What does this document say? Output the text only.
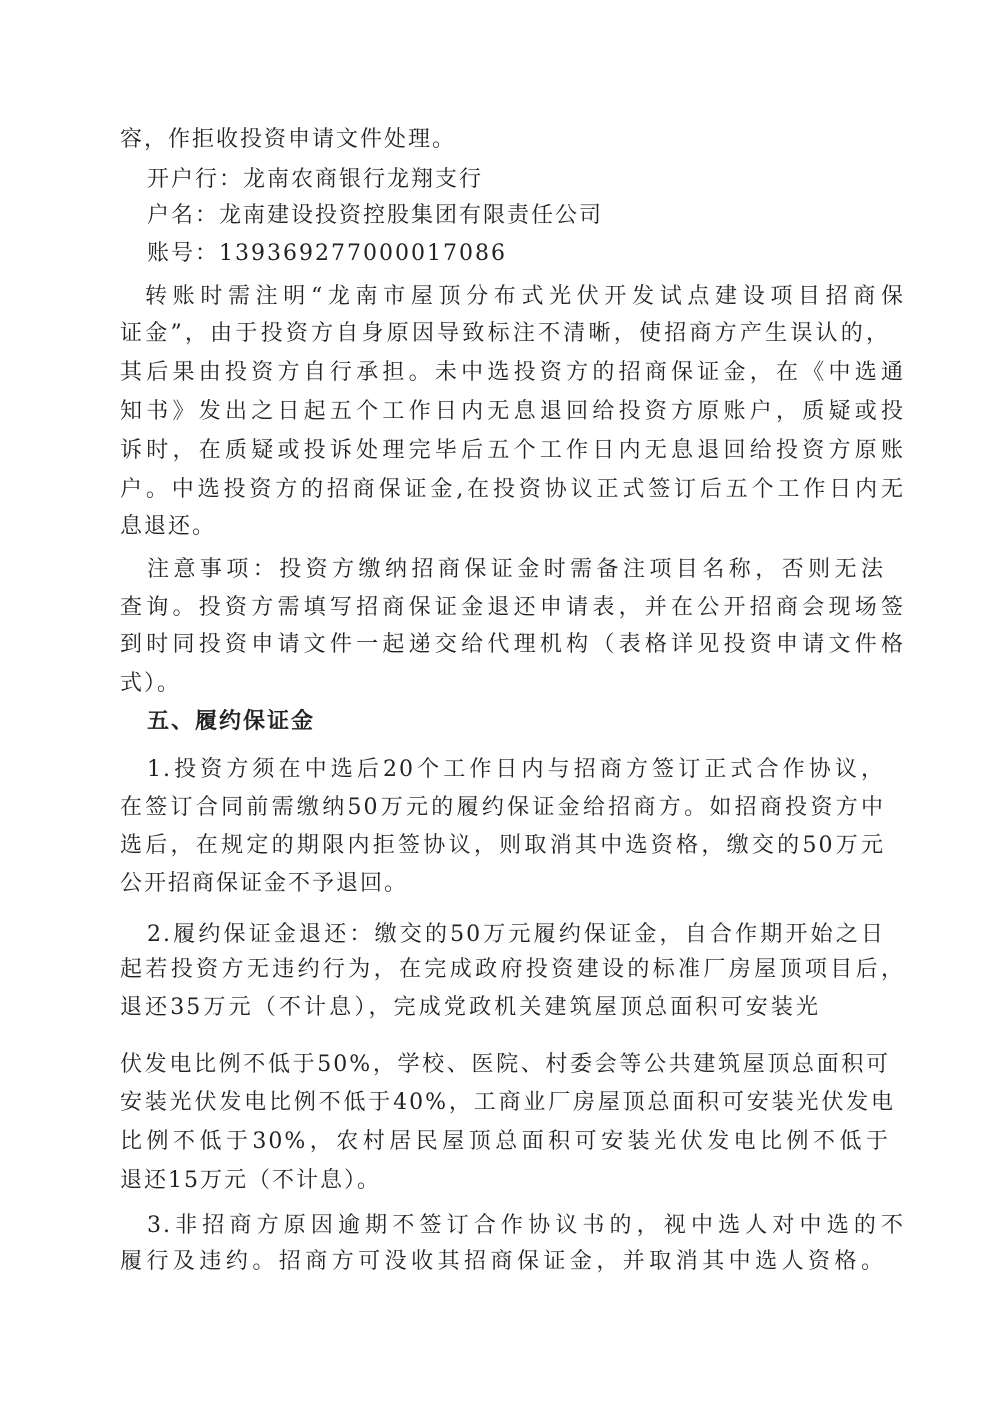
容，作拒收投资申请文件处理。
开户行：龙南农商银行龙翔支行
户名：龙南建设投资控股集团有限责任公司
账号：13936927700001708​6
转账时需注明“龙南市屋顶分布式光伏开发试点建设项目招商保
证金”，由于投资方自身原因导致标注不清晰，使招商方产生误认的，
其后果由投资方自行承担。未中选投资方的招商保证金，在《中选通
知书》发出之日起五个工作日内无息退回给投资方原账户，质疑或投
诉时，在质疑或投诉处理完毕后五个工作日内无息退回给投资方原账
户。中选投资方的招商保证金,在投资协议正式签订后五个工作日内无
息退还。
注意事项：投资方缴纳招商保证金时需备注项目名称，否则无法
查询。投资方需填写招商保证金退还申请表，并在公开招商会现场签
到时同投资申请文件一起递交给代理机构（表格详见投资申请文件格
式）。
五、履约保证金
1.投资方须在中选后20个工作日内与招商方签订正式合作协议，
在签订合同前需缴纳50万元的履约保证金给招商方。如招商投资方中
选后，在规定的期限内拒签协议，则取消其中选资格，缴交的50万元
公开招商保证金不予退回。
2.履约保证金退还：缴交的50万元履约保证金，自合作期开始之日
起若投资方无违约行为，在完成政府投资建设的标准厂房屋顶项目后，
退还35万元（不计息），完成党政机关建筑屋顶总面积可安装光
伏发电比例不低于50%，学校、医院、村委会等公共建筑屋顶总面积可
安装光伏发电比例不低于40%，工商业厂房屋顶总面积可安装光伏发电
比例不低于30%，农村居民屋顶总面积可安装光伏发电比例不低于
退还15万元（不计息）。
3.非招商方原因逾期不签订合作协议书的，视中选人对中选的不
履行及违约。招商方可没收其招商保证金，并取消其中选人资格。
